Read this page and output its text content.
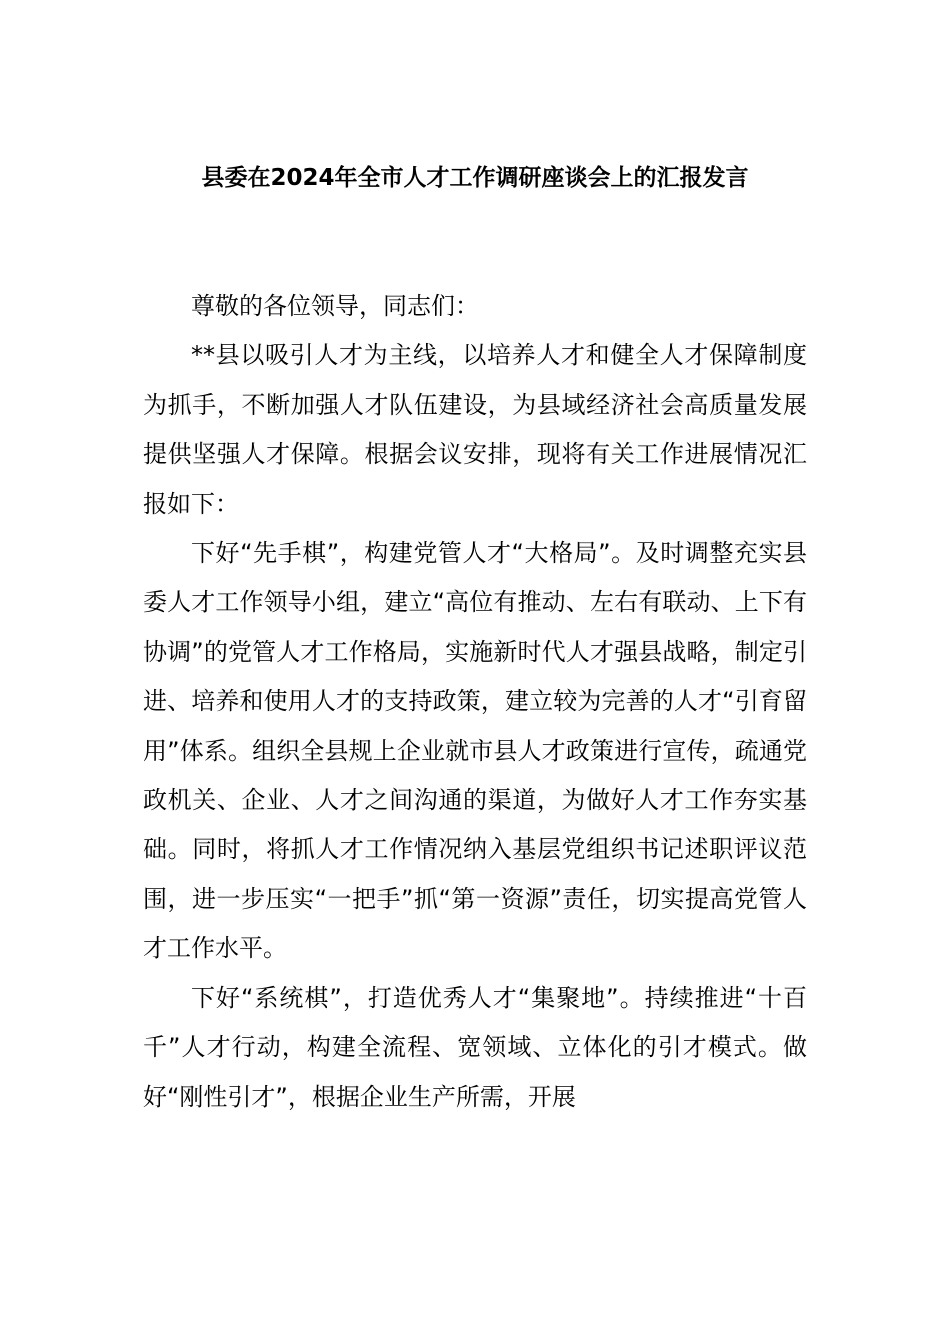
县委在2024年全市人才工作调研座谈会上的汇报发言

尊敬的各位领导，同志们：

**县以吸引人才为主线，以培养人才和健全人才保障制度为抓手，不断加强人才队伍建设，为县域经济社会高质量发展提供坚强人才保障。根据会议安排，现将有关工作进展情况汇报如下：

下好“先手棋”，构建党管人才“大格局”。及时调整充实县委人才工作领导小组，建立“高位有推动、左右有联动、上下有协调”的党管人才工作格局，实施新时代人才强县战略，制定引进、培养和使用人才的支持政策，建立较为完善的人才“引育留用”体系。组织全县规上企业就市县人才政策进行宣传，疏通党政机关、企业、人才之间沟通的渠道，为做好人才工作夯实基础。同时，将抓人才工作情况纳入基层党组织书记述职评议范围，进一步压实“一把手”抓“第一资源”责任，切实提高党管人才工作水平。

下好“系统棋”，打造优秀人才“集聚地”。持续推进“十百千”人才行动，构建全流程、宽领域、立体化的引才模式。做好“刚性引才”，根据企业生产所需，开展
